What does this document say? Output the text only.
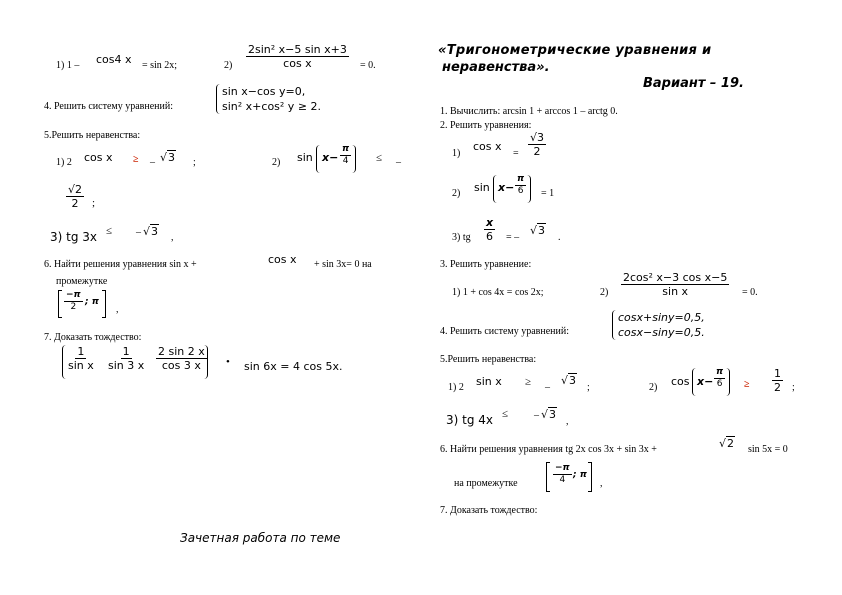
1) 1 – cos4 x = sin 2x;	$2) \frac{\text{2sin² x−5 sin x+3}}{\text{cos x}} = 0$.
4. Решить систему уравнений:
sin x−cos y=0,
sin² x+cos² y ≥ 2.
5.Решить неравенства:
1) 2 cos x ≥ – √3 ;	2) $\sin x- \frac{\pi}{4}$ ≤ –
$\frac{√2}{2}$ ;
3) tg 3x ≤ – √3 ,
6. Найти решения уравнения sin x +	cos x + sin 3x= 0 на
промежутке
$\frac{-\pi}{2}$ ; π
,
7. Доказать тождество:
$\frac{1}{\text{sin x}} \frac{1}{\sin 3 x} \frac{2 \sin 2 x}{\cos 3 x}$ • sin 6x = 4 cos 5x.
Зачетная работа по теме
«Тригонометрические уравнения и
неравенства».
Вариант – 19.
1. Вычислить: arcsin 1 + arccos 1 – arctg 0.
2. Решить уравнения:
1)
cos x
= $\frac{√3}{2}$
2) $\sin x- \frac{\pi}{6} = 1$
3) tg $\frac{x}{6}$ = –
√3
.
3. Решить уравнение:
1) 1 + cos 4x = cos 2x;	$2) \frac{\text{2cos² x−3 cos x−5}}{\text{sin x}} = 0$.
4. Решить систему уравнений:
cosx+siny=0,5,
cosx−siny=0,5.
5.Решить неравенства:
1) 2 sin x ≥ –
√3
;	2) $\cos x- \frac{\pi}{6} \ge \frac{1}{2}$ ;
3) tg 4x ≤	– √3
,
6. Найти решения уравнения tg 2x cos 3x + sin 3x +	√2 sin 5x = 0
на промежутке	$\frac{-\pi}{4}$ ; π
,
7. Доказать тождество:
